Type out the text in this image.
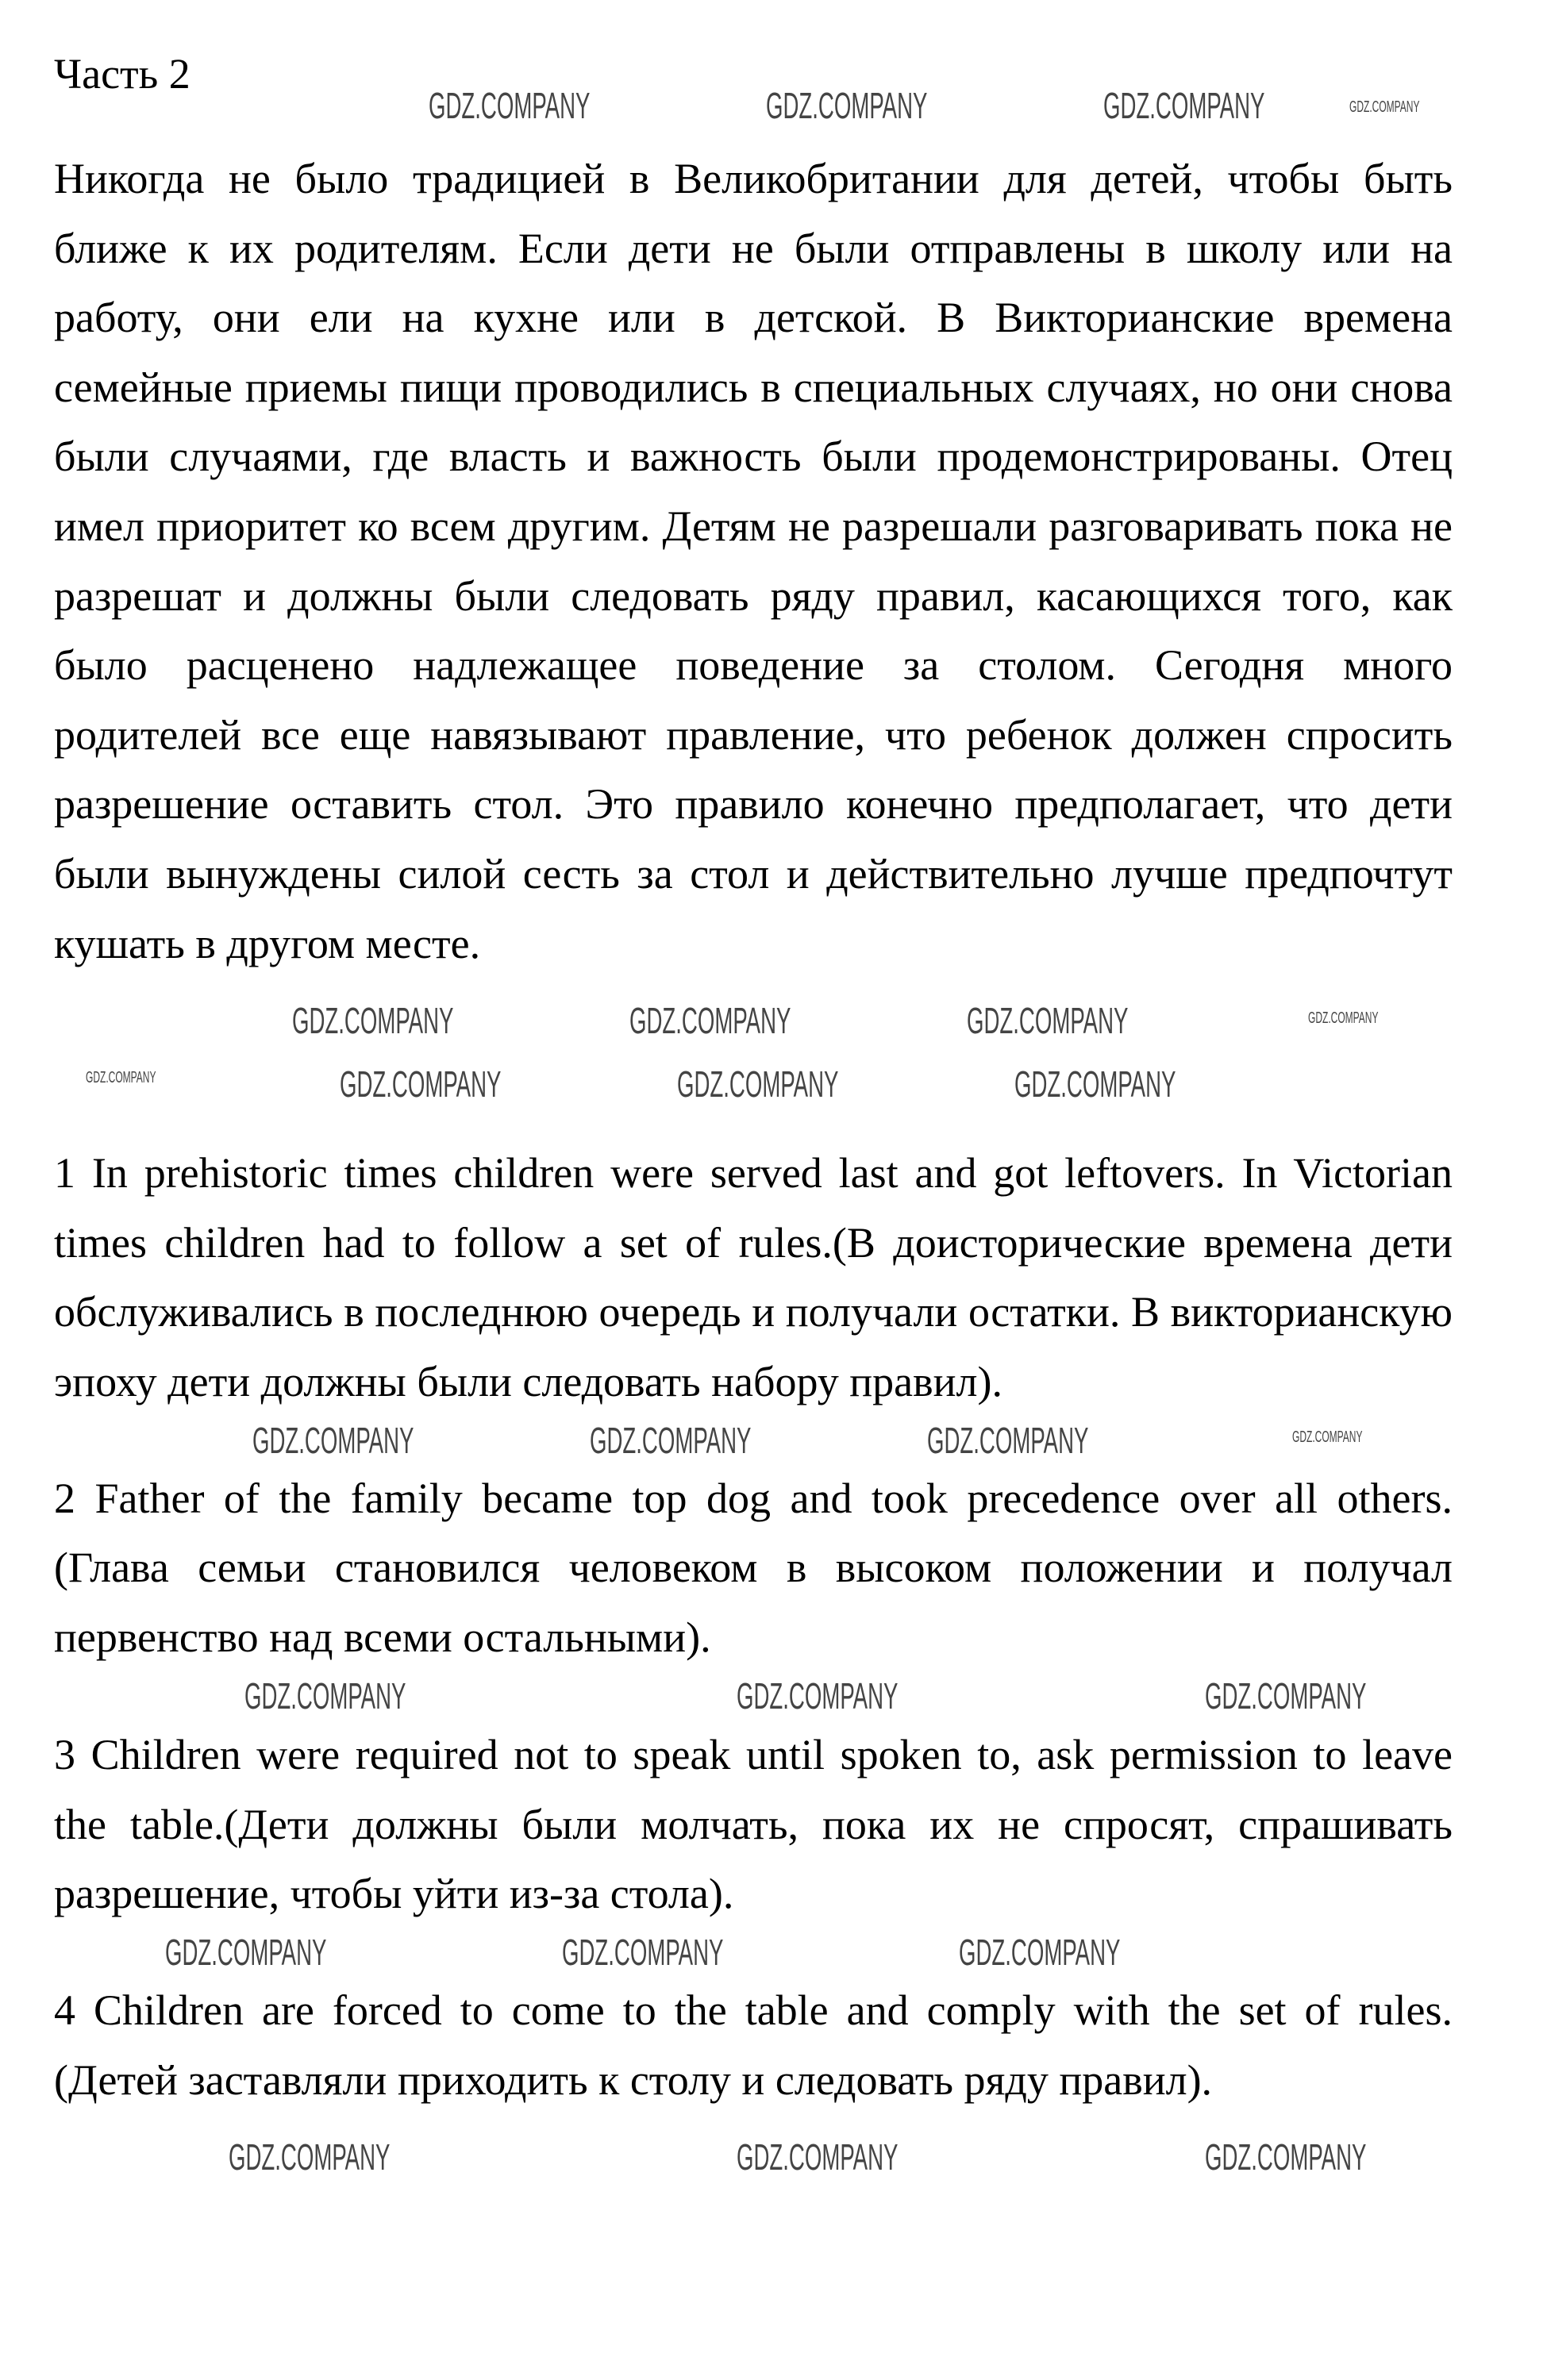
Часть 2
GDZ.COMPANY	GDZ.COMPANY	GDZ.COMPANY	GDZ.COMPANY
Никогда не было традицией в Великобритании для детей, чтобы быть ближе к их родителям. Если дети не были отправлены в школу или на работу, они ели на кухне или в детской. В Викторианские времена семейные приемы пищи проводились в специальных случаях, но они снова были случаями, где власть и важность были продемонстрированы. Отец имел приоритет ко всем другим. Детям не разрешали разговаривать пока не разрешат и должны были следовать ряду правил, касающихся того, как было расценено надлежащее поведение за столом. Сегодня много родителей все еще навязывают правление, что ребенок должен спросить разрешение оставить стол. Это правило конечно предполагает, что дети были вынуждены силой сесть за стол и действительно лучше предпочтут кушать в другом месте.
GDZ.COMPANY	GDZ.COMPANY	GDZ.COMPANY	GDZ.COMPANY
GDZ.COMPANY	GDZ.COMPANY	GDZ.COMPANY	GDZ.COMPANY
1 In prehistoric times children were served last and got leftovers. In Victorian times children had to follow a set of rules.(В доисторические времена дети обслуживались в последнюю очередь и получали остатки. В викторианскую эпоху дети должны были следовать набору правил).
GDZ.COMPANY	GDZ.COMPANY	GDZ.COMPANY	GDZ.COMPANY
2 Father of the family became top dog and took precedence over all others.(Глава семьи становился человеком в высоком положении и получал первенство над всеми остальными).
GDZ.COMPANY	GDZ.COMPANY	GDZ.COMPANY
3 Children were required not to speak until spoken to, ask permission to leave the table.(Дети должны были молчать, пока их не спросят, спрашивать разрешение, чтобы уйти из-за стола).
GDZ.COMPANY	GDZ.COMPANY	GDZ.COMPANY
4 Children are forced to come to the table and comply with the set of rules.(Детей заставляли приходить к столу и следовать ряду правил).
GDZ.COMPANY	GDZ.COMPANY	GDZ.COMPANY
